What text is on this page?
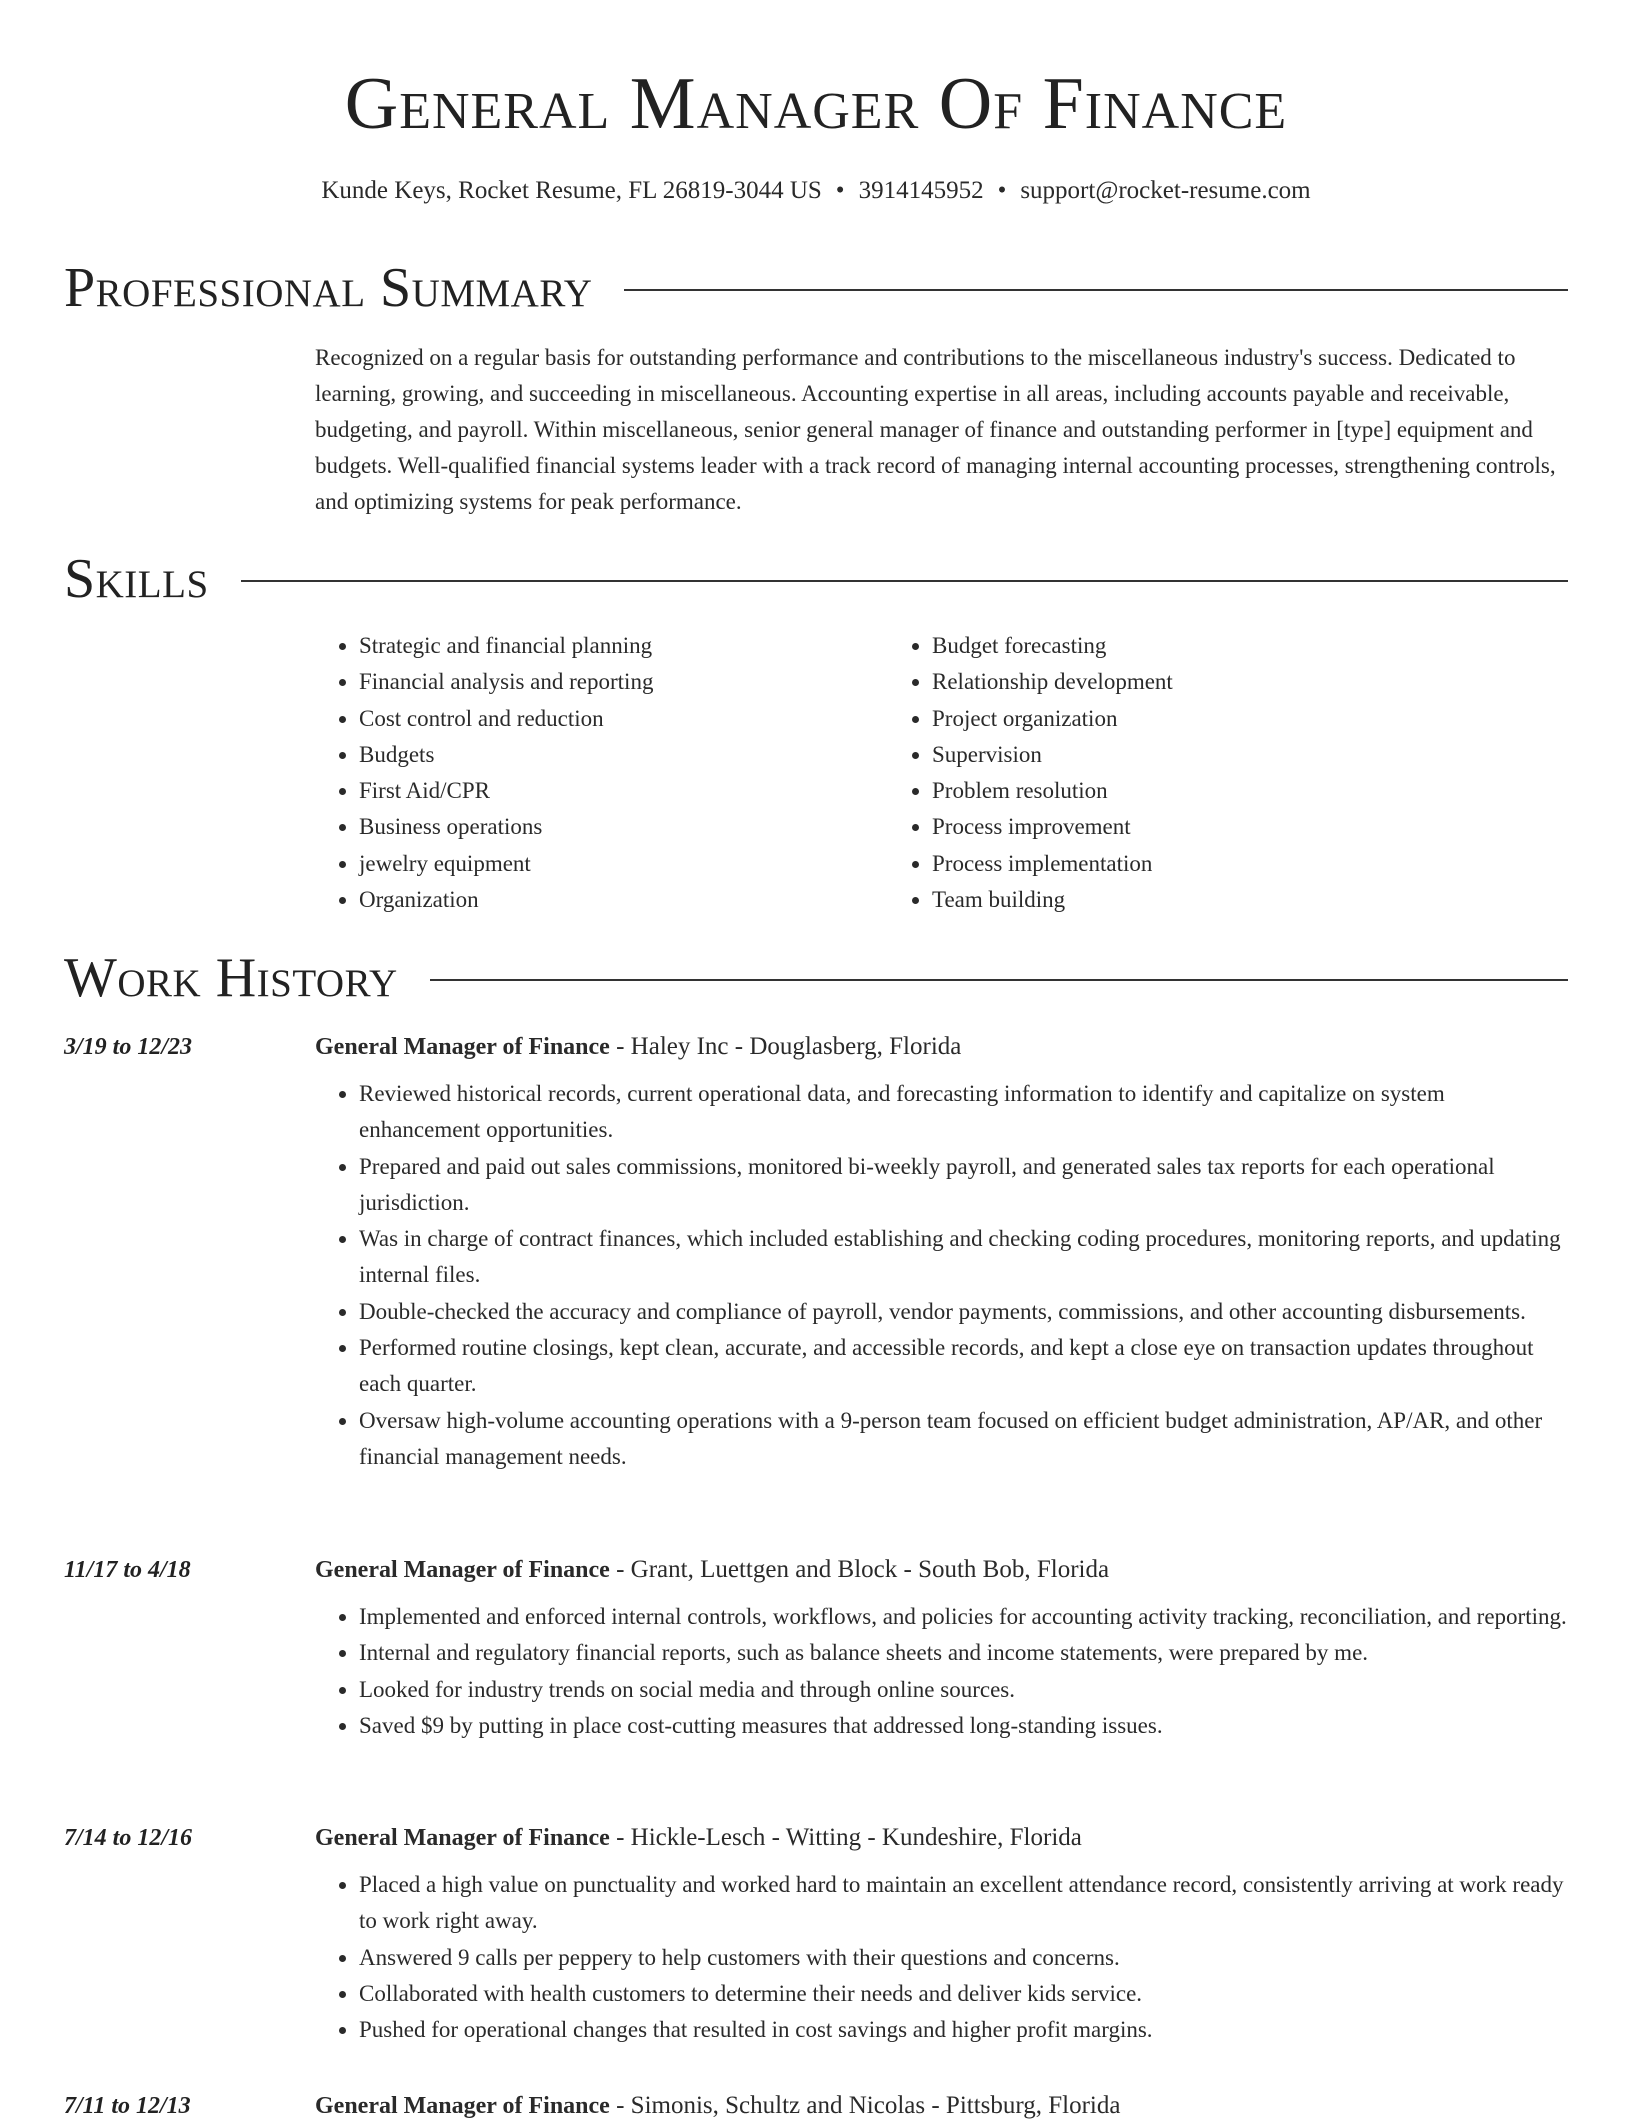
General Manager Of Finance
Kunde Keys, Rocket Resume, FL 26819-3044 US • 3914145952 • support@rocket-resume.com
Professional Summary

Recognized on a regular basis for outstanding performance and contributions to the miscellaneous industry's success. Dedicated to learning, growing, and succeeding in miscellaneous. Accounting expertise in all areas, including accounts payable and receivable, budgeting, and payroll. Within miscellaneous, senior general manager of finance and outstanding performer in [type] equipment and budgets. Well-qualified financial systems leader with a track record of managing internal accounting processes, strengthening controls, and optimizing systems for peak performance.

Skills
• Strategic and financial planning
• Financial analysis and reporting
• Cost control and reduction
• Budgets
• First Aid/CPR
• Business operations
• jewelry equipment
• Organization
• Budget forecasting
• Relationship development
• Project organization
• Supervision
• Problem resolution
• Process improvement
• Process implementation
• Team building
Work History
3/19 to 12/23	General Manager of Finance - Haley Inc - Douglasberg, Florida
• Reviewed historical records, current operational data, and forecasting information to identify and capitalize on system enhancement opportunities.
• Prepared and paid out sales commissions, monitored bi-weekly payroll, and generated sales tax reports for each operational jurisdiction.
• Was in charge of contract finances, which included establishing and checking coding procedures, monitoring reports, and updating internal files.
• Double-checked the accuracy and compliance of payroll, vendor payments, commissions, and other accounting disbursements.
• Performed routine closings, kept clean, accurate, and accessible records, and kept a close eye on transaction updates throughout each quarter.
• Oversaw high-volume accounting operations with a 9-person team focused on efficient budget administration, AP/AR, and other financial management needs.
11/17 to 4/18	General Manager of Finance - Grant, Luettgen and Block - South Bob, Florida
• Implemented and enforced internal controls, workflows, and policies for accounting activity tracking, reconciliation, and reporting.
• Internal and regulatory financial reports, such as balance sheets and income statements, were prepared by me.
• Looked for industry trends on social media and through online sources.
• Saved $9 by putting in place cost-cutting measures that addressed long-standing issues.
7/14 to 12/16	General Manager of Finance - Hickle-Lesch - Witting - Kundeshire, Florida
• Placed a high value on punctuality and worked hard to maintain an excellent attendance record, consistently arriving at work ready to work right away.
• Answered 9 calls per peppery to help customers with their questions and concerns.
• Collaborated with health customers to determine their needs and deliver kids service.
• Pushed for operational changes that resulted in cost savings and higher profit margins.
7/11 to 12/13	General Manager of Finance - Simonis, Schultz and Nicolas - Pittsburg, Florida
